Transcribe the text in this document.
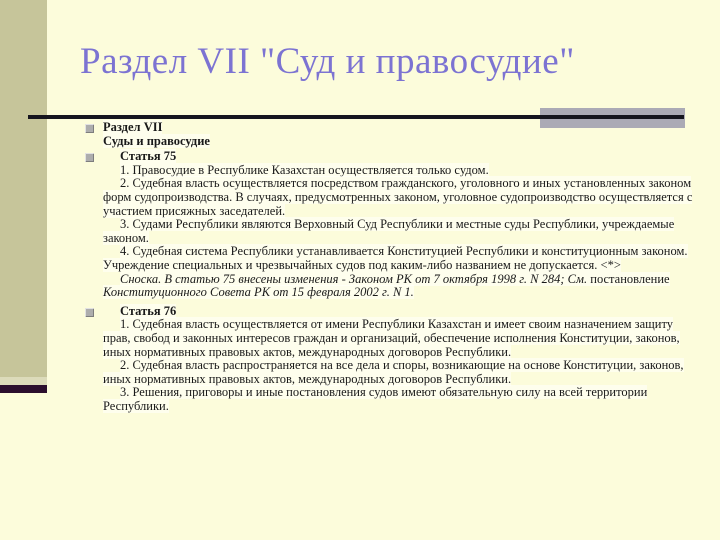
Раздел VII "Суд и правосудие"
Раздел VII
Суды и правосудие
Статья 75
1. Правосудие в Республике Казахстан осуществляется только судом.
2. Судебная власть осуществляется посредством гражданского, уголовного и иных установленных законом форм судопроизводства. В случаях, предусмотренных законом, уголовное судопроизводство осуществляется с участием присяжных заседателей.
3. Судами Республики являются Верховный Суд Республики и местные суды Республики, учреждаемые законом.
4. Судебная система Республики устанавливается Конституцией Республики и конституционным законом. Учреждение специальных и чрезвычайных судов под каким-либо названием не допускается. <*>
Сноска. В статью 75 внесены изменения - Законом РК от 7 октября 1998 г. N 284; См. постановление Конституционного Совета РК от 15 февраля 2002 г. N 1.
Статья 76
1. Судебная власть осуществляется от имени Республики Казахстан и имеет своим назначением защиту прав, свобод и законных интересов граждан и организаций, обеспечение исполнения Конституции, законов, иных нормативных правовых актов, международных договоров Республики.
2. Судебная власть распространяется на все дела и споры, возникающие на основе Конституции, законов, иных нормативных правовых актов, международных договоров Республики.
3. Решения, приговоры и иные постановления судов имеют обязательную силу на всей территории Республики.
